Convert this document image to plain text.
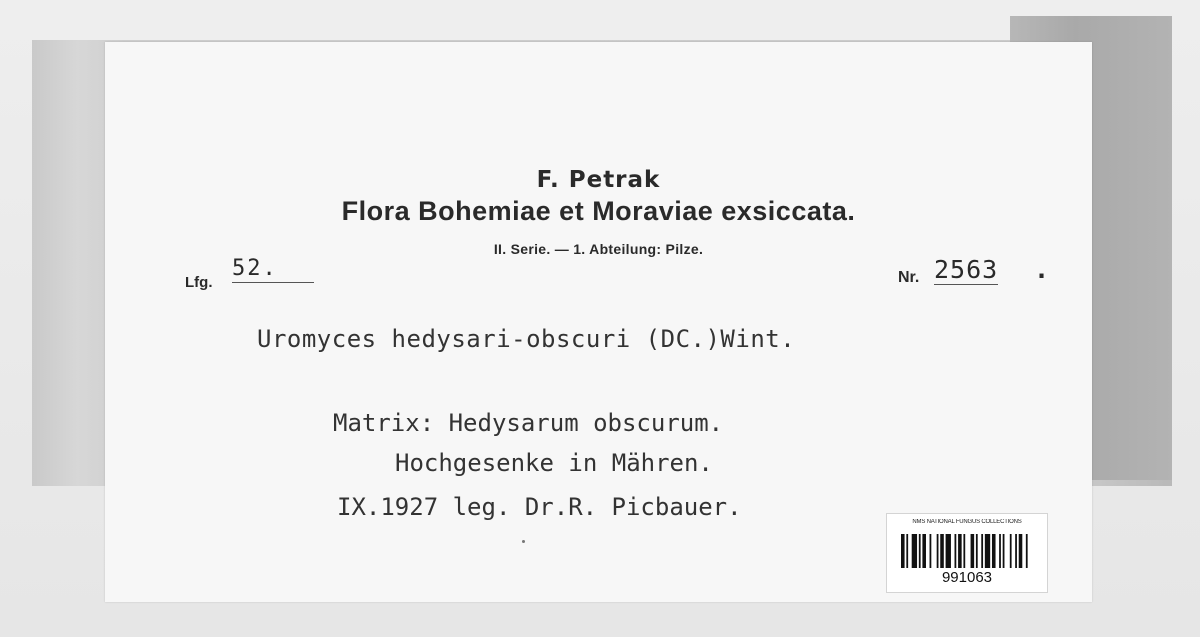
F. Petrak
Flora Bohemiae et Moraviae exsiccata.
II. Serie. — 1. Abteilung: Pilze.
Lfg.
52.	Nr. 2563 .
Uromyces hedysari-obscuri (DC.)Wint.
Matrix: Hedysarum obscurum.
Hochgesenke in Mähren.
IX.1927 leg. Dr.R. Picbauer.
NMS NATIONAL FUNGUS COLLECTIONS
991063
